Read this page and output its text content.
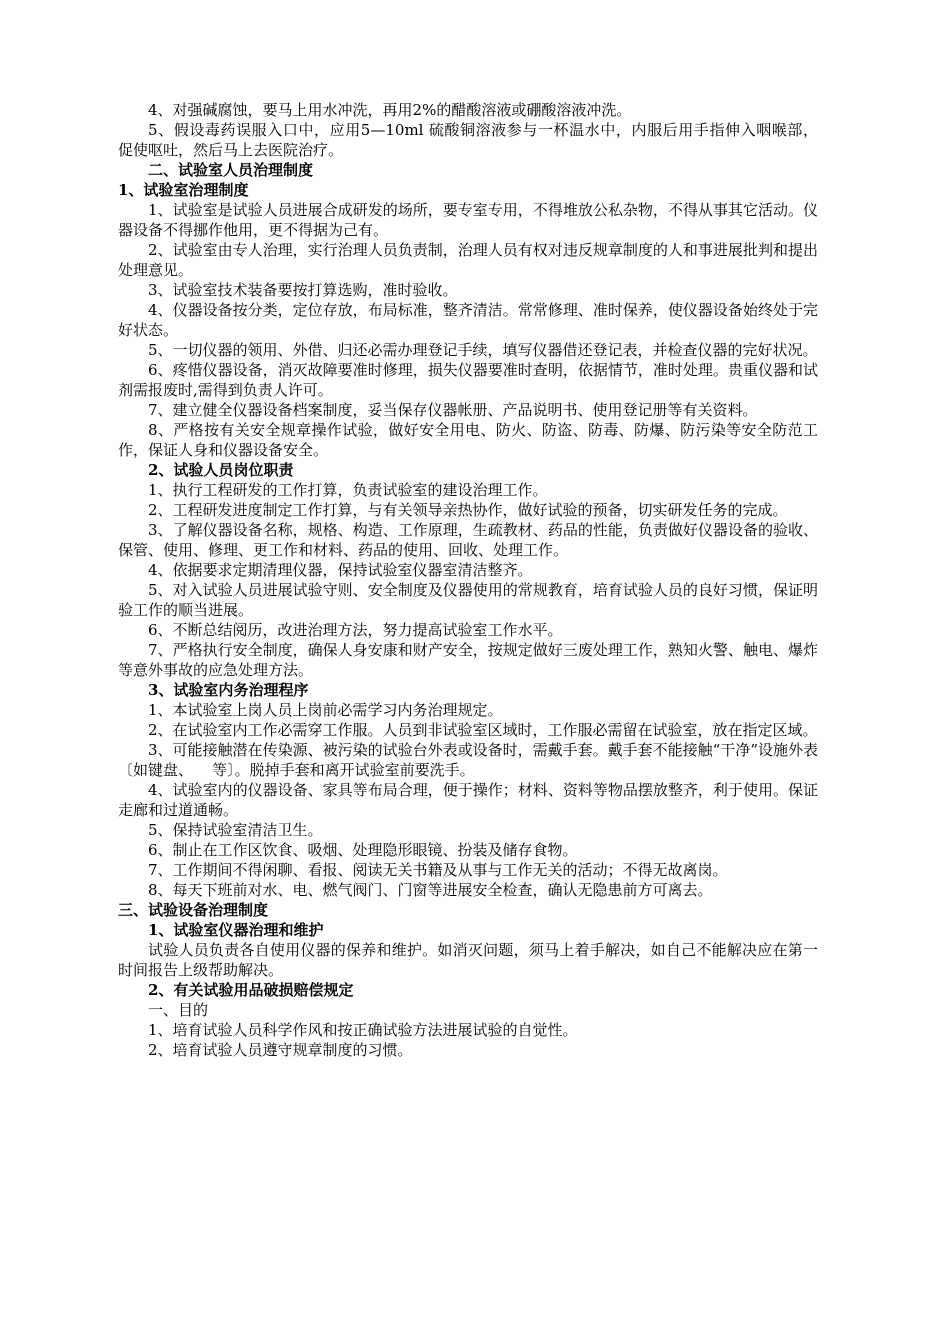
4、对强碱腐蚀，要马上用水冲洗，再用2%的醋酸溶液或硼酸溶液冲洗。

5、假设毒药误服入口中，应用5—10ml 硫酸铜溶液参与一杯温水中，内服后用手指伸入咽喉部，  促使呕吐，然后马上去医院治疗。

二、试验室人员治理制度

1、试验室治理制度

1、试验室是试验人员进展合成研发的场所，要专室专用，不得堆放公私杂物，不得从事其它活动。仪器设备不得挪作他用，更不得据为己有。

2、试验室由专人治理，实行治理人员负责制，治理人员有权对违反规章制度的人和事进展批判和提出处理意见。

3、试验室技术装备要按打算选购，准时验收。

4、仪器设备按分类，定位存放，布局标准，整齐清洁。常常修理、准时保养，使仪器设备始终处于完好状态。

5、一切仪器的领用、外借、归还必需办理登记手续，填写仪器借还登记表，并检查仪器的完好状况。

6、疼惜仪器设备，消灭故障要准时修理，损失仪器要准时查明，依据情节，准时处理。贵重仪器和试剂需报废时,需得到负责人许可。

7、建立健全仪器设备档案制度，妥当保存仪器帐册、产品说明书、使用登记册等有关资料。

8、严格按有关安全规章操作试验，做好安全用电、防火、防盗、防毒、防爆、防污染等安全防范工作，保证人身和仪器设备安全。

2、试验人员岗位职责

1、执行工程研发的工作打算，负责试验室的建设治理工作。

2、工程研发进度制定工作打算，与有关领导亲热协作，做好试验的预备，切实研发任务的完成。

3、了解仪器设备名称，规格、构造、工作原理，生疏教材、药品的性能，负责做好仪器设备的验收、保管、使用、修理、更工作和材料、药品的使用、回收、处理工作。

4、依据要求定期清理仪器，保持试验室仪器室清洁整齐。

5、对入试验人员进展试验守则、安全制度及仪器使用的常规教育，培育试验人员的良好习惯，保证明验工作的顺当进展。

6、不断总结阅历，改进治理方法，努力提高试验室工作水平。

7、严格执行安全制度，确保人身安康和财产安全，按规定做好三废处理工作，熟知火警、触电、爆炸等意外事故的应急处理方法。

3、试验室内务治理程序

1、本试验室上岗人员上岗前必需学习内务治理规定。

2、在试验室内工作必需穿工作服。人员到非试验室区域时，工作服必需留在试验室，放在指定区域。

3、可能接触潜在传染源、被污染的试验台外表或设备时，需戴手套。戴手套不能接触“干净”设施外表〔如键盘、    等〕。脱掉手套和离开试验室前要洗手。

4、试验室内的仪器设备、家具等布局合理，便于操作；材料、资料等物品摆放整齐，利于使用。保证走廊和过道通畅。

5、保持试验室清洁卫生。

6、制止在工作区饮食、吸烟、处理隐形眼镜、扮装及储存食物。

7、工作期间不得闲聊、看报、阅读无关书籍及从事与工作无关的活动；不得无故离岗。

8、每天下班前对水、电、燃气阀门、门窗等进展安全检查，确认无隐患前方可离去。

三、试验设备治理制度

1、试验室仪器治理和维护

试验人员负责各自使用仪器的保养和维护。如消灭问题，须马上着手解决，如自己不能解决应在第一时间报告上级帮助解决。

2、有关试验用品破损赔偿规定

一、目的

1、培育试验人员科学作风和按正确试验方法进展试验的自觉性。

2、培育试验人员遵守规章制度的习惯。
